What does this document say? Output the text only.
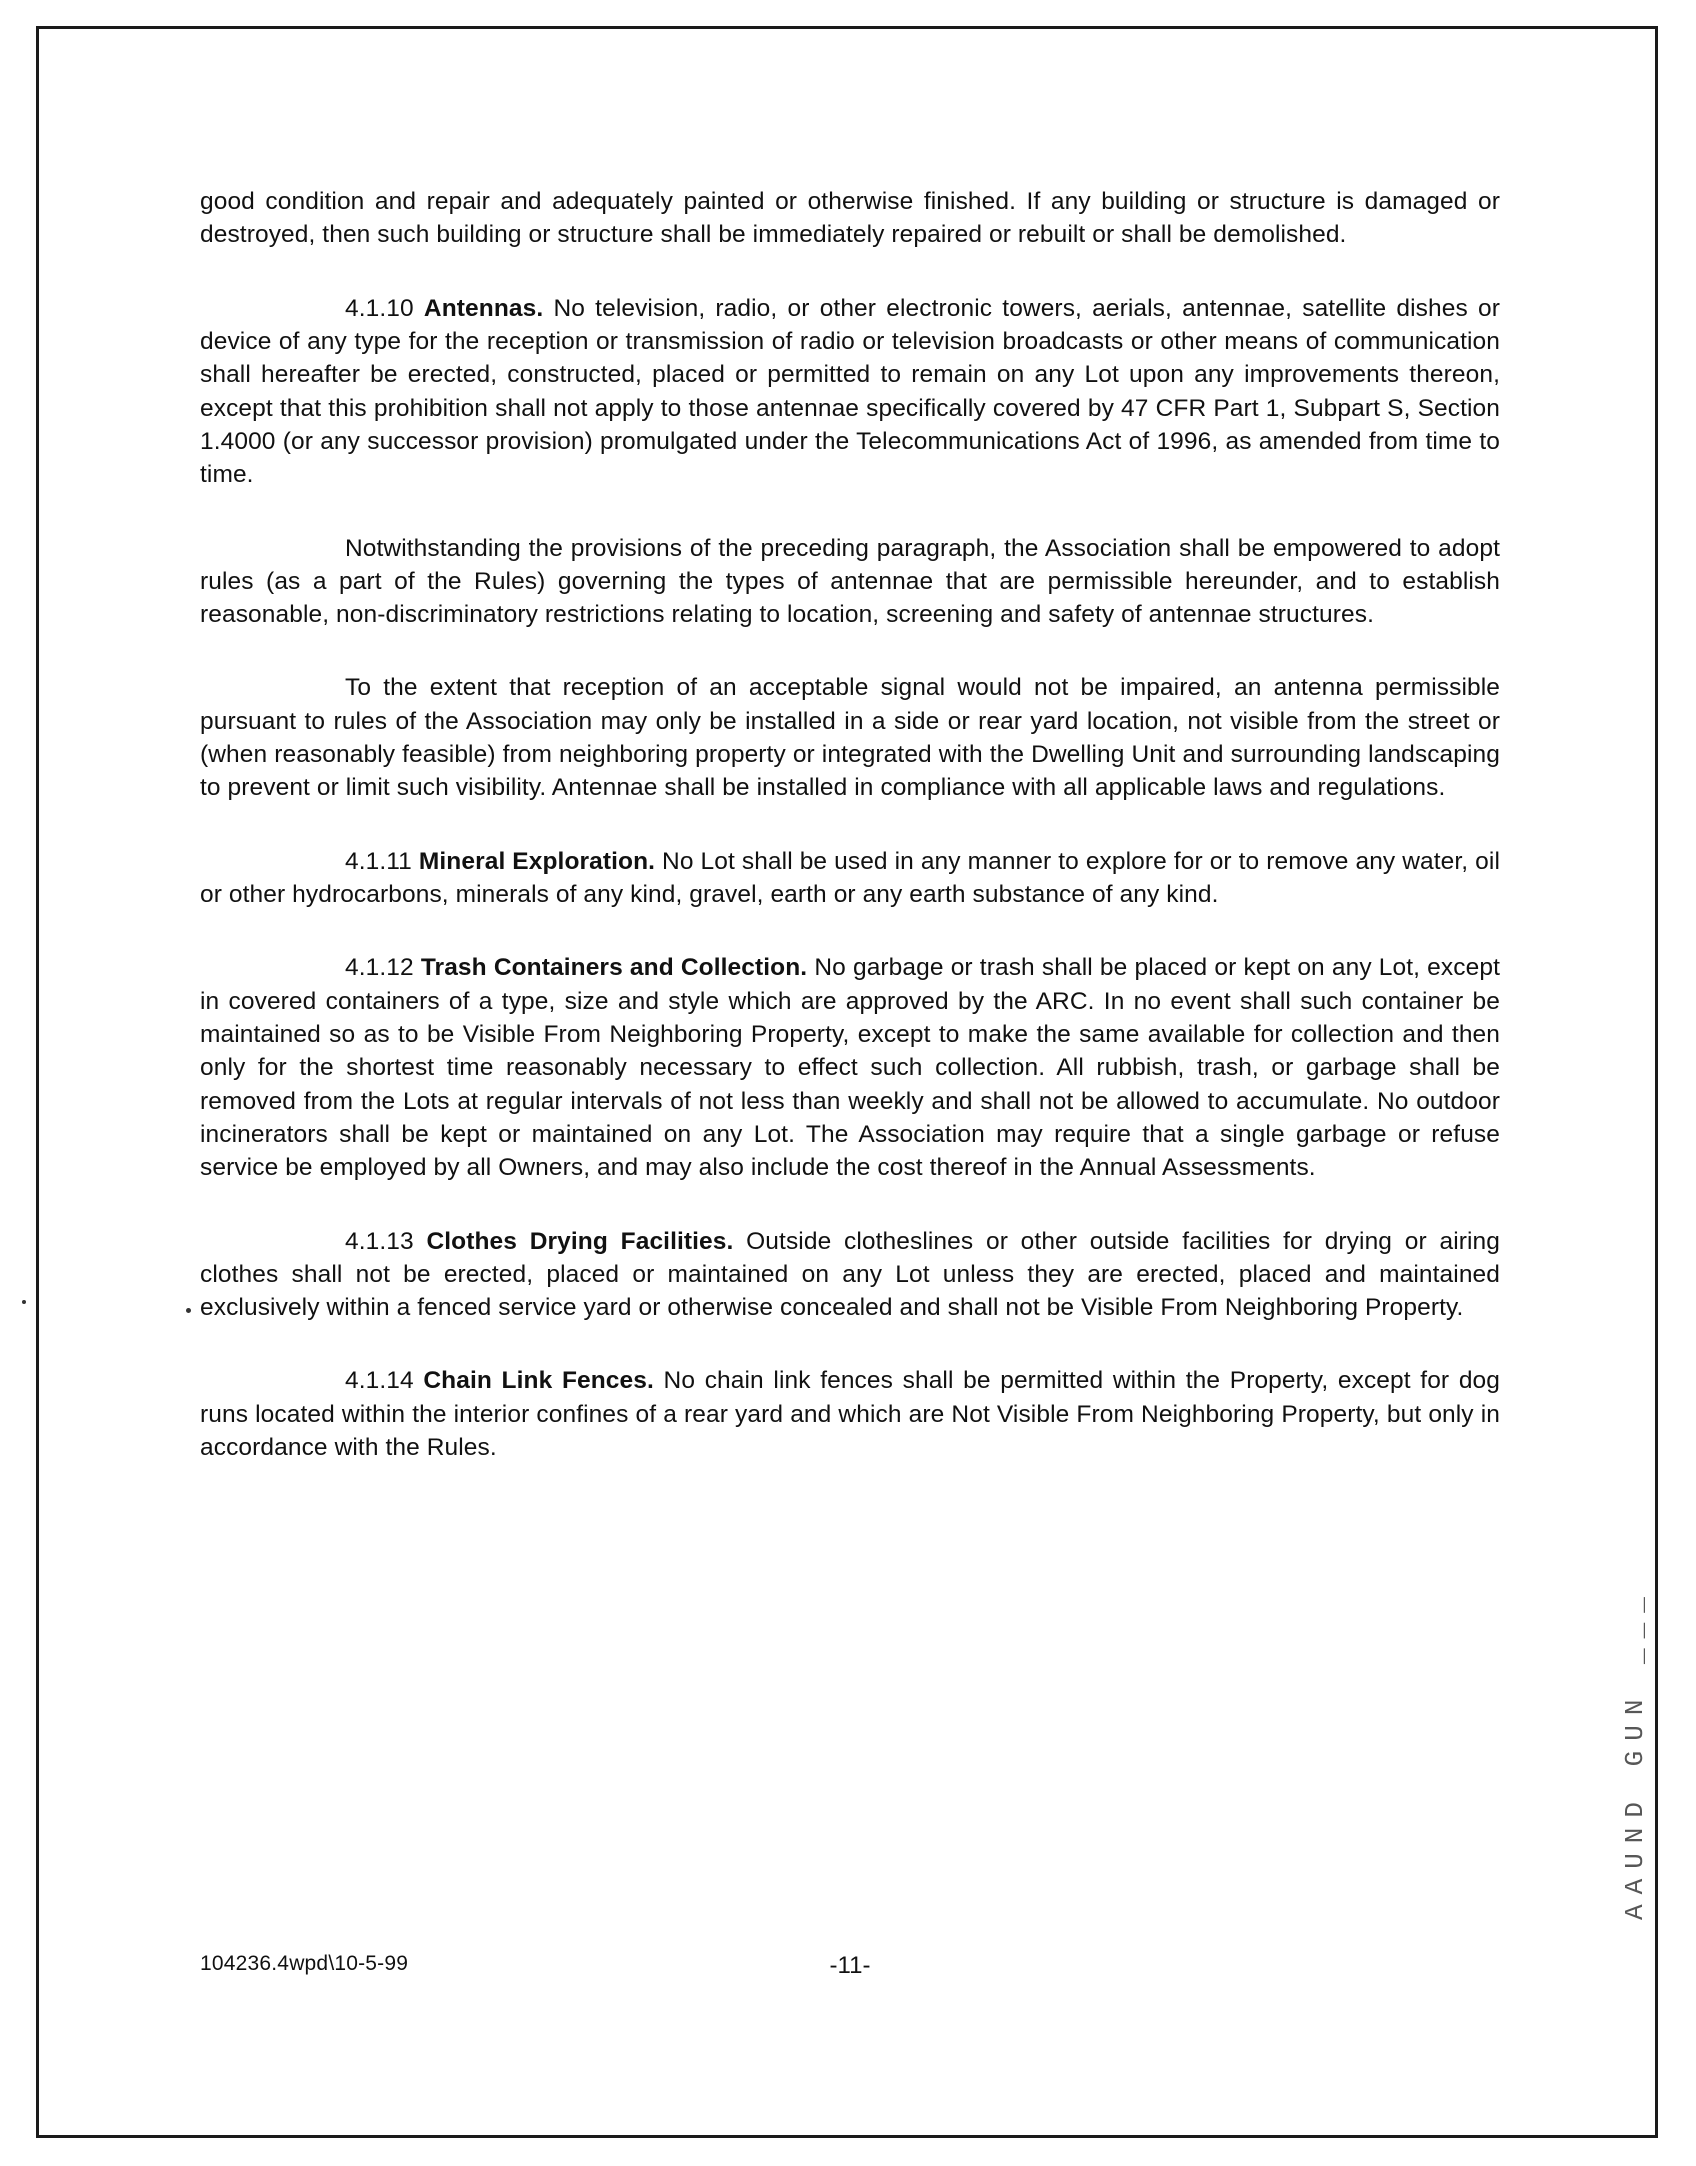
good condition and repair and adequately painted or otherwise finished. If any building or structure is damaged or destroyed, then such building or structure shall be immediately repaired or rebuilt or shall be demolished.

4.1.10 Antennas. No television, radio, or other electronic towers, aerials, antennae, satellite dishes or device of any type for the reception or transmission of radio or television broadcasts or other means of communication shall hereafter be erected, constructed, placed or permitted to remain on any Lot upon any improvements thereon, except that this prohibition shall not apply to those antennae specifically covered by 47 CFR Part 1, Subpart S, Section 1.4000 (or any successor provision) promulgated under the Telecommunications Act of 1996, as amended from time to time.

Notwithstanding the provisions of the preceding paragraph, the Association shall be empowered to adopt rules (as a part of the Rules) governing the types of antennae that are permissible hereunder, and to establish reasonable, non-discriminatory restrictions relating to location, screening and safety of antennae structures.

To the extent that reception of an acceptable signal would not be impaired, an antenna permissible pursuant to rules of the Association may only be installed in a side or rear yard location, not visible from the street or (when reasonably feasible) from neighboring property or integrated with the Dwelling Unit and surrounding landscaping to prevent or limit such visibility. Antennae shall be installed in compliance with all applicable laws and regulations.

4.1.11 Mineral Exploration. No Lot shall be used in any manner to explore for or to remove any water, oil or other hydrocarbons, minerals of any kind, gravel, earth or any earth substance of any kind.

4.1.12 Trash Containers and Collection. No garbage or trash shall be placed or kept on any Lot, except in covered containers of a type, size and style which are approved by the ARC. In no event shall such container be maintained so as to be Visible From Neighboring Property, except to make the same available for collection and then only for the shortest time reasonably necessary to effect such collection. All rubbish, trash, or garbage shall be removed from the Lots at regular intervals of not less than weekly and shall not be allowed to accumulate. No outdoor incinerators shall be kept or maintained on any Lot. The Association may require that a single garbage or refuse service be employed by all Owners, and may also include the cost thereof in the Annual Assessments.

4.1.13 Clothes Drying Facilities. Outside clotheslines or other outside facilities for drying or airing clothes shall not be erected, placed or maintained on any Lot unless they are erected, placed and maintained exclusively within a fenced service yard or otherwise concealed and shall not be Visible From Neighboring Property.

4.1.14 Chain Link Fences. No chain link fences shall be permitted within the Property, except for dog runs located within the interior confines of a rear yard and which are Not Visible From Neighboring Property, but only in accordance with the Rules.

104236.4wpd\10-5-99	-11-
AAUND GUN ___
